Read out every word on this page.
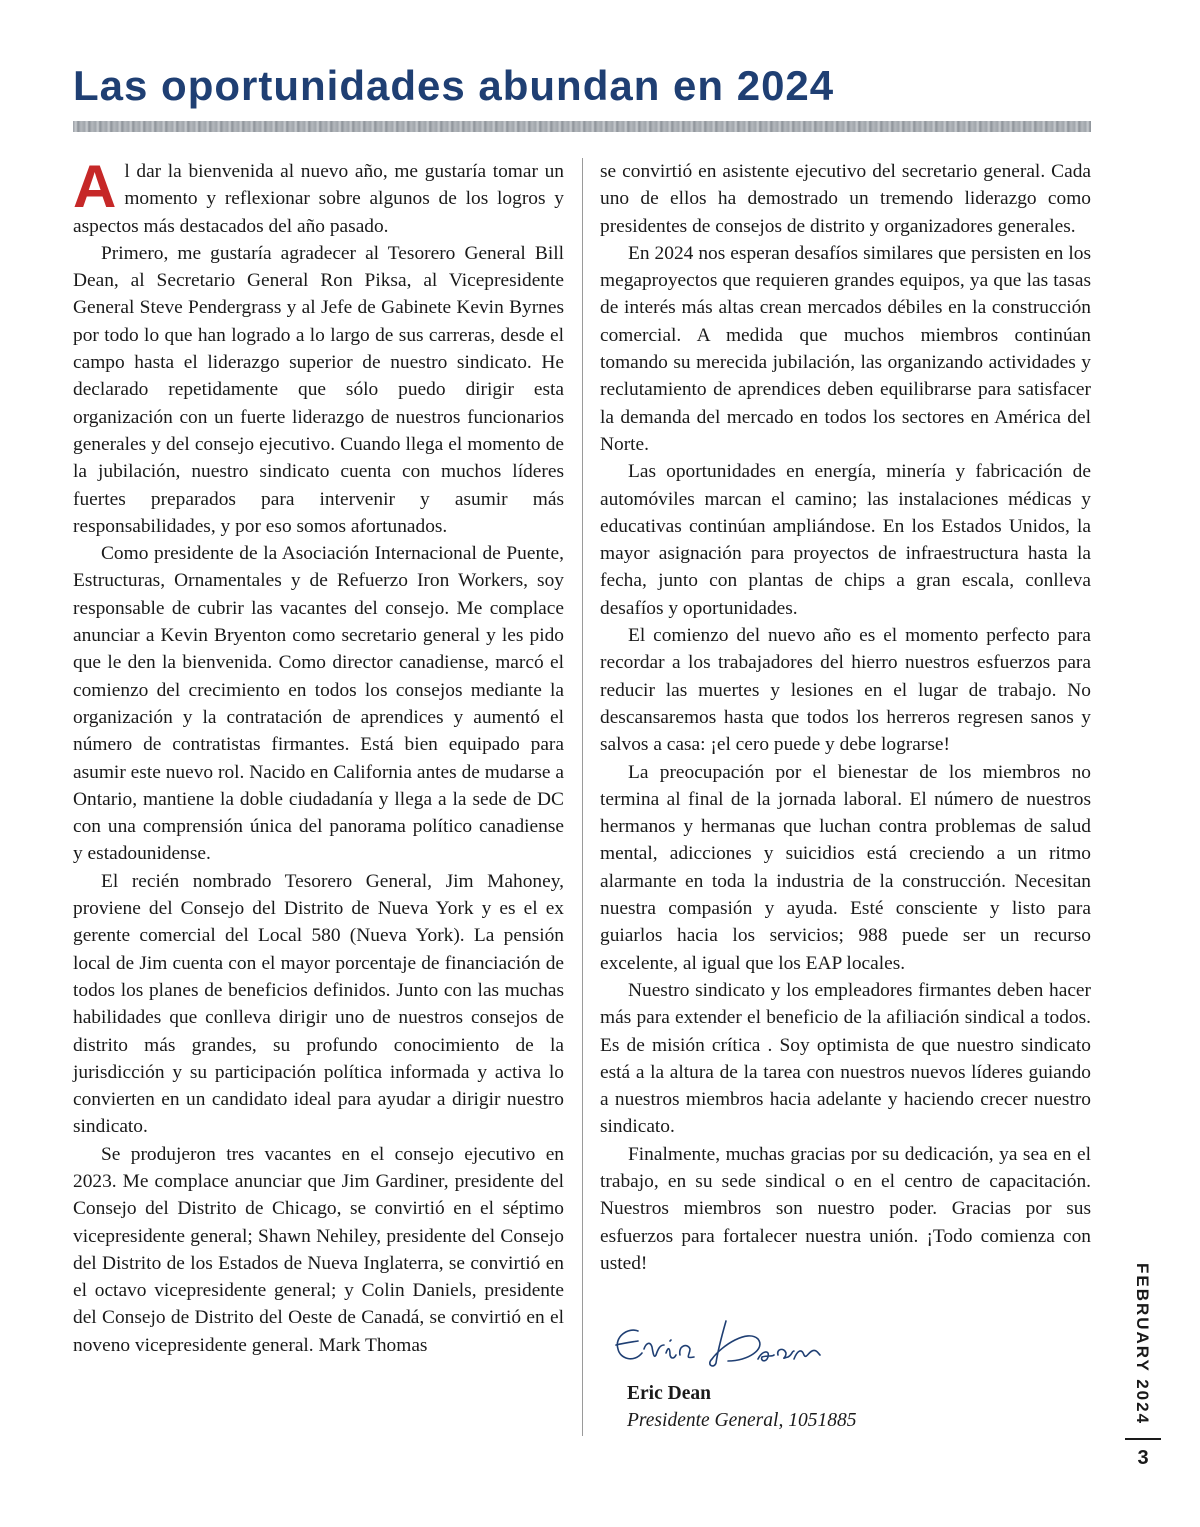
Las oportunidades abundan en 2024

Al dar la bienvenida al nuevo año, me gustaría tomar un momento y reflexionar sobre algunos de los logros y aspectos más destacados del año pasado.

Primero, me gustaría agradecer al Tesorero General Bill Dean, al Secretario General Ron Piksa, al Vicepresidente General Steve Pendergrass y al Jefe de Gabinete Kevin Byrnes por todo lo que han logrado a lo largo de sus carreras, desde el campo hasta el liderazgo superior de nuestro sindicato. He declarado repetidamente que sólo puedo dirigir esta organización con un fuerte liderazgo de nuestros funcionarios generales y del consejo ejecutivo. Cuando llega el momento de la jubilación, nuestro sindicato cuenta con muchos líderes fuertes preparados para intervenir y asumir más responsabilidades, y por eso somos afortunados.

Como presidente de la Asociación Internacional de Puente, Estructuras, Ornamentales y de Refuerzo Iron Workers, soy responsable de cubrir las vacantes del consejo. Me complace anunciar a Kevin Bryenton como secretario general y les pido que le den la bienvenida. Como director canadiense, marcó el comienzo del crecimiento en todos los consejos mediante la organización y la contratación de aprendices y aumentó el número de contratistas firmantes. Está bien equipado para asumir este nuevo rol. Nacido en California antes de mudarse a Ontario, mantiene la doble ciudadanía y llega a la sede de DC con una comprensión única del panorama político canadiense y estadounidense.

El recién nombrado Tesorero General, Jim Mahoney, proviene del Consejo del Distrito de Nueva York y es el ex gerente comercial del Local 580 (Nueva York). La pensión local de Jim cuenta con el mayor porcentaje de financiación de todos los planes de beneficios definidos. Junto con las muchas habilidades que conlleva dirigir uno de nuestros consejos de distrito más grandes, su profundo conocimiento de la jurisdicción y su participación política informada y activa lo convierten en un candidato ideal para ayudar a dirigir nuestro sindicato.

Se produjeron tres vacantes en el consejo ejecutivo en 2023. Me complace anunciar que Jim Gardiner, presidente del Consejo del Distrito de Chicago, se convirtió en el séptimo vicepresidente general; Shawn Nehiley, presidente del Consejo del Distrito de los Estados de Nueva Inglaterra, se convirtió en el octavo vicepresidente general; y Colin Daniels, presidente del Consejo de Distrito del Oeste de Canadá, se convirtió en el noveno vicepresidente general. Mark Thomas

se convirtió en asistente ejecutivo del secretario general. Cada uno de ellos ha demostrado un tremendo liderazgo como presidentes de consejos de distrito y organizadores generales.

En 2024 nos esperan desafíos similares que persisten en los megaproyectos que requieren grandes equipos, ya que las tasas de interés más altas crean mercados débiles en la construcción comercial. A medida que muchos miembros continúan tomando su merecida jubilación, las organizando actividades y reclutamiento de aprendices deben equilibrarse para satisfacer la demanda del mercado en todos los sectores en América del Norte.

Las oportunidades en energía, minería y fabricación de automóviles marcan el camino; las instalaciones médicas y educativas continúan ampliándose. En los Estados Unidos, la mayor asignación para proyectos de infraestructura hasta la fecha, junto con plantas de chips a gran escala, conlleva desafíos y oportunidades.

El comienzo del nuevo año es el momento perfecto para recordar a los trabajadores del hierro nuestros esfuerzos para reducir las muertes y lesiones en el lugar de trabajo. No descansaremos hasta que todos los herreros regresen sanos y salvos a casa: ¡el cero puede y debe lograrse!

La preocupación por el bienestar de los miembros no termina al final de la jornada laboral. El número de nuestros hermanos y hermanas que luchan contra problemas de salud mental, adicciones y suicidios está creciendo a un ritmo alarmante en toda la industria de la construcción. Necesitan nuestra compasión y ayuda. Esté consciente y listo para guiarlos hacia los servicios; 988 puede ser un recurso excelente, al igual que los EAP locales.

Nuestro sindicato y los empleadores firmantes deben hacer más para extender el beneficio de la afiliación sindical a todos. Es de misión crítica . Soy optimista de que nuestro sindicato está a la altura de la tarea con nuestros nuevos líderes guiando a nuestros miembros hacia adelante y haciendo crecer nuestro sindicato.

Finalmente, muchas gracias por su dedicación, ya sea en el trabajo, en su sede sindical o en el centro de capacitación. Nuestros miembros son nuestro poder. Gracias por sus esfuerzos para fortalecer nuestra unión. ¡Todo comienza con usted!

Eric Dean
Presidente General, 1051885	FEBRUARY 2024
3
